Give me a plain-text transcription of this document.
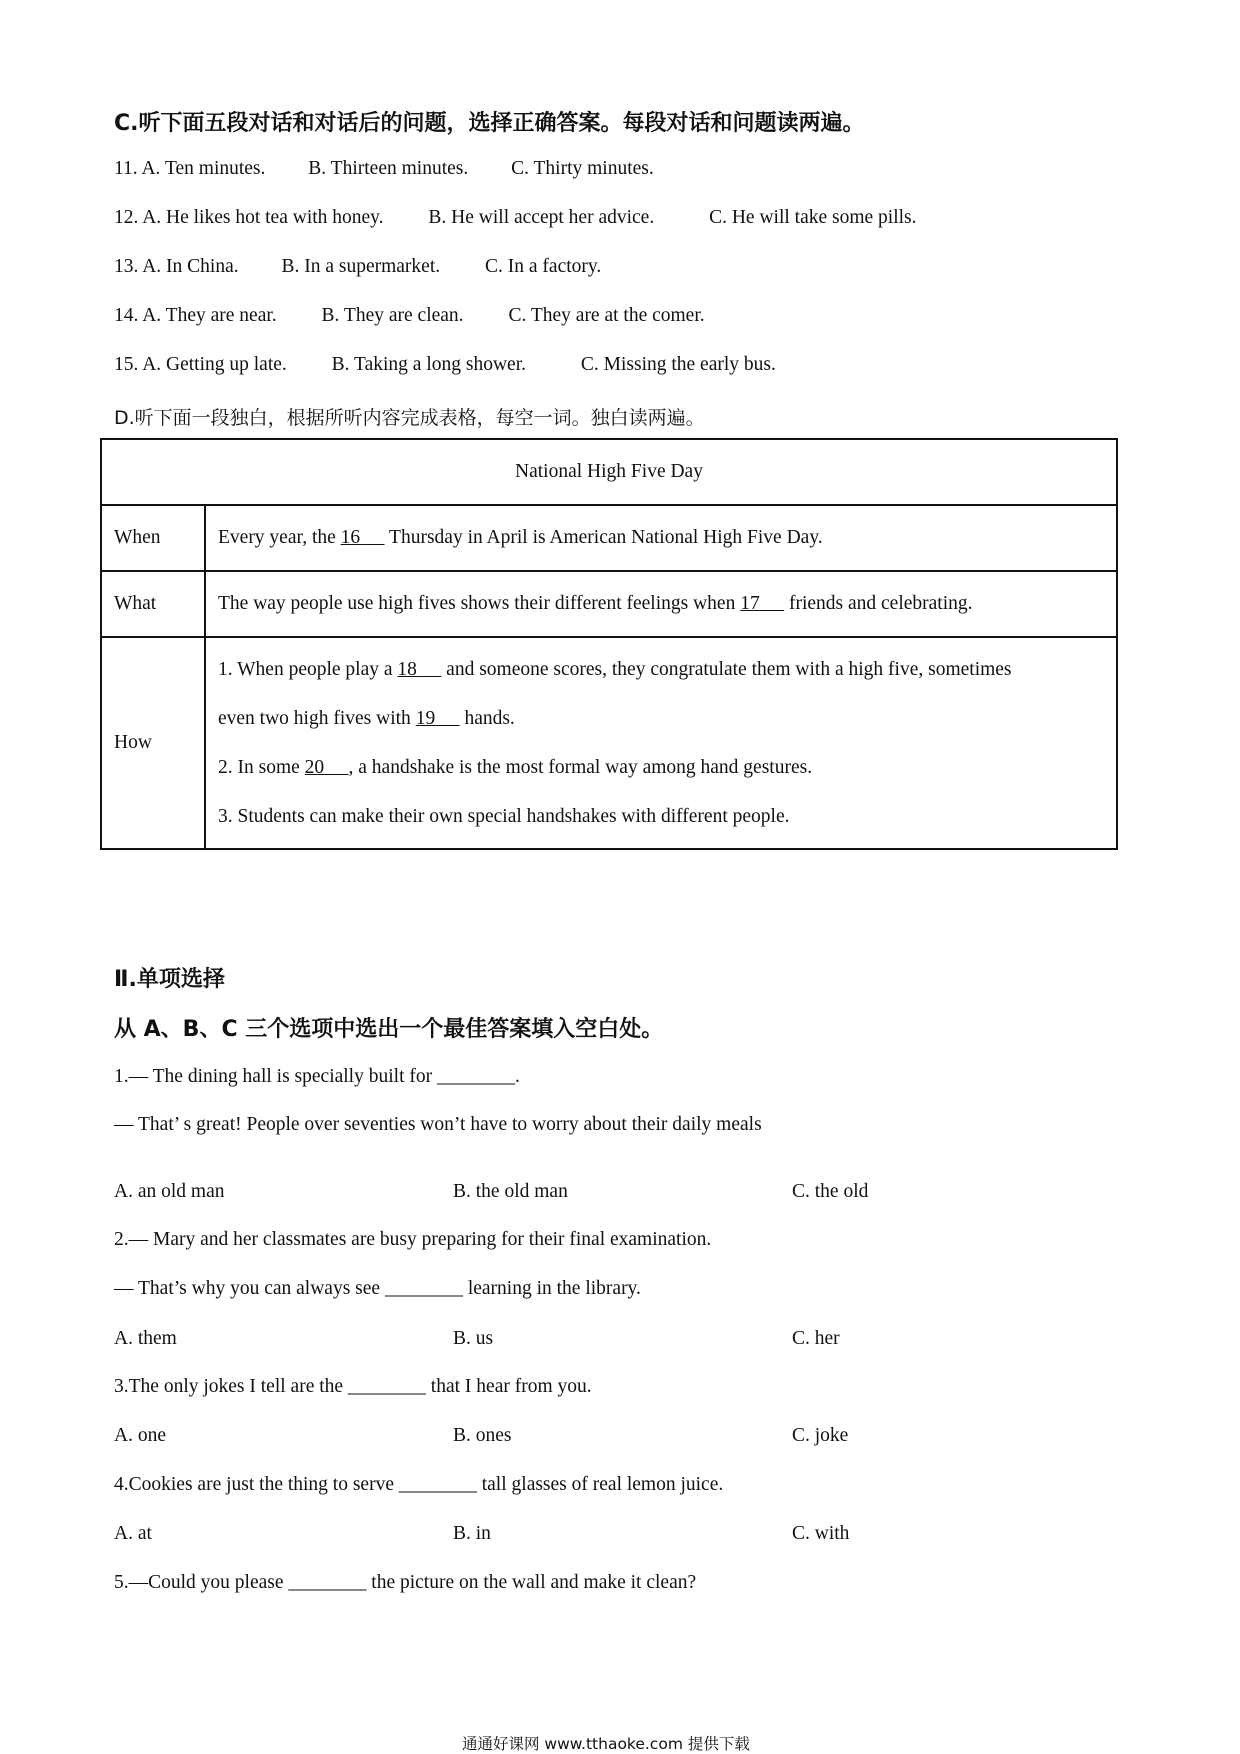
C.听下面五段对话和对话后的问题，选择正确答案。每段对话和问题读两遍。
11. A. Ten minutes. B. Thirteen minutes. C. Thirty minutes.
12. A. He likes hot tea with honey. B. He will accept her advice.	C. He will take some pills.
13. A. In China. B. In a supermarket. C. In a factory.
14. A. They are near. B. They are clean. C. They are at the comer.
15. A. Getting up late. B. Taking a long shower.	C. Missing the early bus.
D.听下面一段独白，根据所听内容完成表格，每空一词。独白读两遍。
National High Five Day	
When	Every year, the 16      Thursday in April is American National High Five Day.
What	The way people use high fives shows their different feelings when 17      friends and celebrating.
How	1. When people play a 18      and someone scores, they congratulate them with a high five, sometimes
even two high fives with 19      hands.
2. In some 20 , a handshake is the most formal way among hand gestures.
3. Students can make their own special handshakes with different people.
Ⅱ.单项选择
从 A、B、C 三个选项中选出一个最佳答案填入空白处。
1.— The dining hall is specially built for ________.
— That’ s great! People over seventies won’t have to worry about their daily meals
A. an old man	B. the old man	C. the old
2.— Mary and her classmates are busy preparing for their final examination.
— That’s why you can always see ________ learning in the library.
A. them	B. us	C. her
3.The only jokes I tell are the ________ that I hear from you.
A. one	B. ones	C. joke
4.Cookies are just the thing to serve ________ tall glasses of real lemon juice.
A. at	B. in	C. with
5.—Could you please ________ the picture on the wall and make it clean?
通通好课网 www.tthaoke.com 提供下载
